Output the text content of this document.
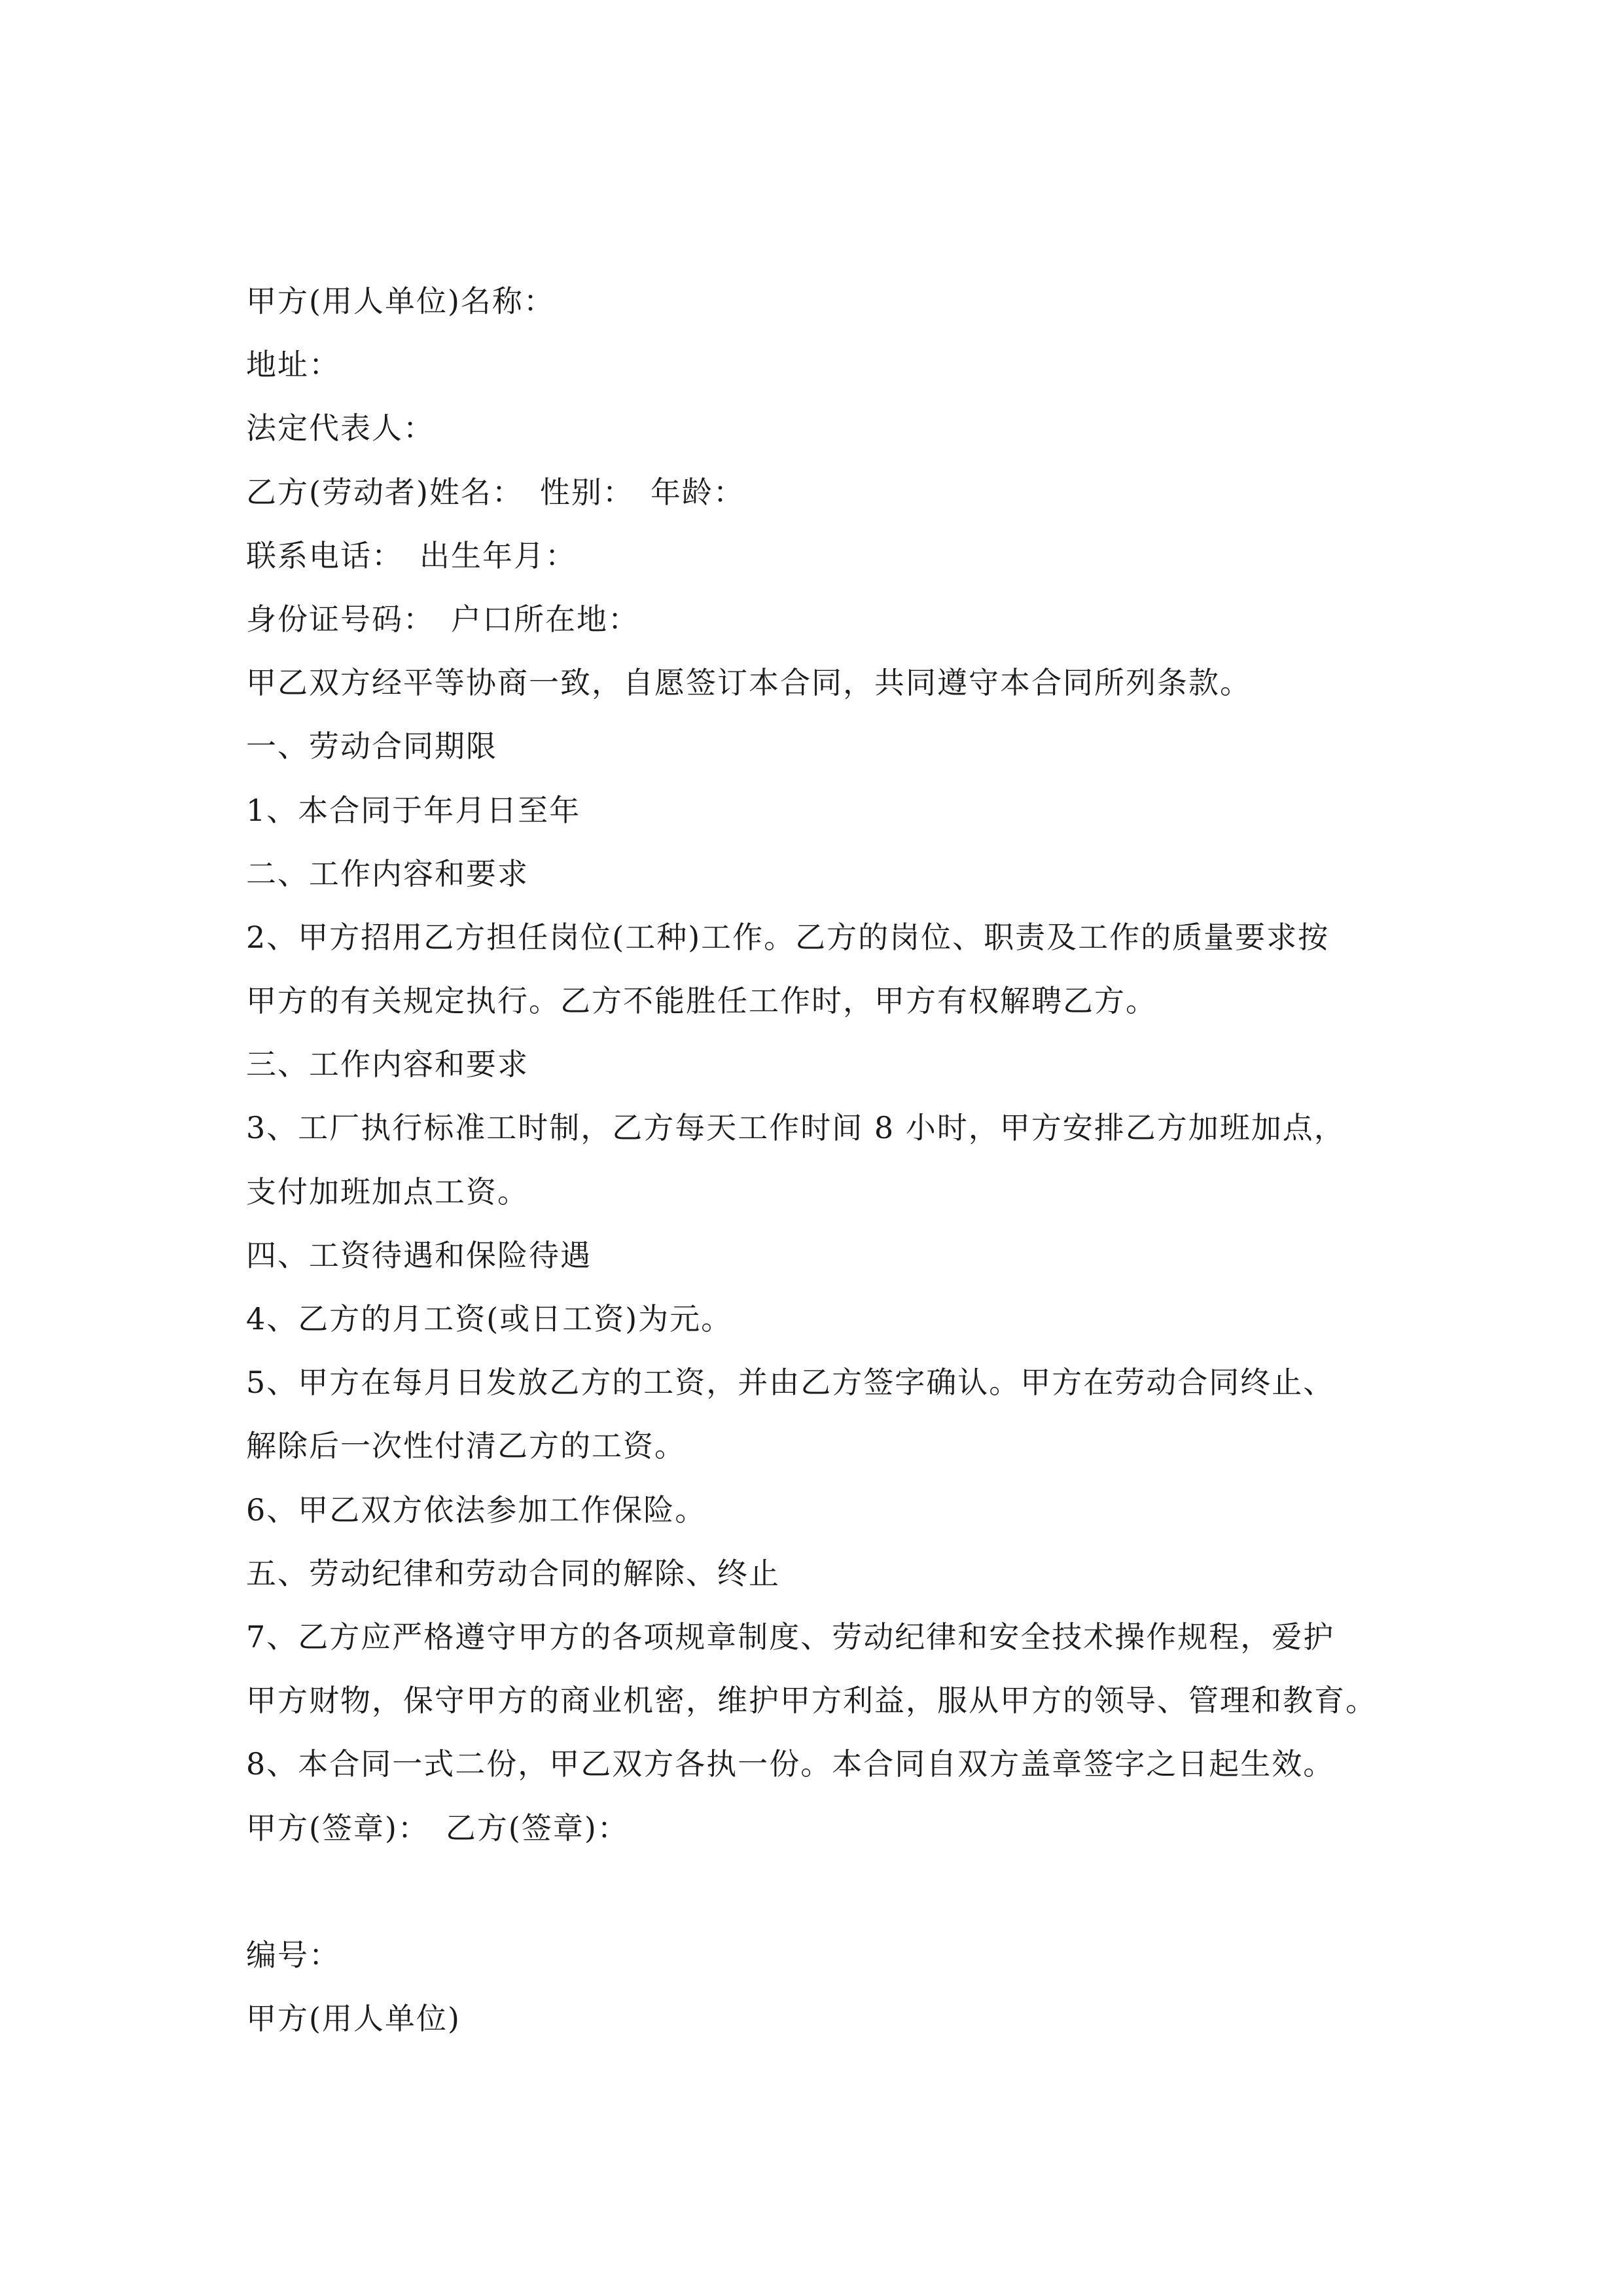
甲方(用人单位)名称：
地址：
法定代表人：
乙方(劳动者)姓名：　性别：　年龄：
联系电话：　出生年月：
身份证号码：　户口所在地：
甲乙双方经平等协商一致，自愿签订本合同，共同遵守本合同所列条款。
一、劳动合同期限
1、本合同于年月日至年
二、工作内容和要求
2、甲方招用乙方担任岗位(工种)工作。乙方的岗位、职责及工作的质量要求按
甲方的有关规定执行。乙方不能胜任工作时，甲方有权解聘乙方。
三、工作内容和要求
3、工厂执行标准工时制，乙方每天工作时间 8 小时，甲方安排乙方加班加点，
支付加班加点工资。
四、工资待遇和保险待遇
4、乙方的月工资(或日工资)为元。
5、甲方在每月日发放乙方的工资，并由乙方签字确认。甲方在劳动合同终止、
解除后一次性付清乙方的工资。
6、甲乙双方依法参加工作保险。
五、劳动纪律和劳动合同的解除、终止
7、乙方应严格遵守甲方的各项规章制度、劳动纪律和安全技术操作规程，爱护
甲方财物，保守甲方的商业机密，维护甲方利益，服从甲方的领导、管理和教育。
8、本合同一式二份，甲乙双方各执一份。本合同自双方盖章签字之日起生效。
甲方(签章)：　乙方(签章)：
编号：
甲方(用人单位)
